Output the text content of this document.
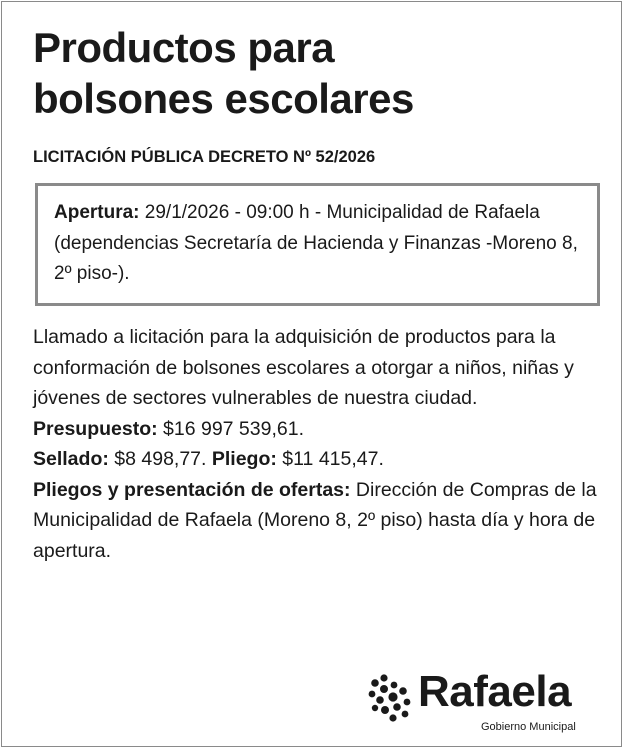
Productos para
bolsones escolares
LICITACIÓN PÚBLICA DECRETO Nº 52/2026

Apertura: 29/1/2026 - 09:00 h - Municipalidad de Rafaela (dependencias Secretaría de Hacienda y Finanzas -Moreno 8, 2º piso-).

Llamado a licitación para la adquisición de productos para la conformación de bolsones escolares a otorgar a niños, niñas y jóvenes de sectores vulnerables de nuestra ciudad.

Presupuesto: $16 997 539,61.

Sellado: $8 498,77. Pliego: $11 415,47.

Pliegos y presentación de ofertas: Dirección de Compras de la Municipalidad de Rafaela (Moreno 8, 2º piso) hasta día y hora de apertura.

Rafaela
Gobierno Municipal
